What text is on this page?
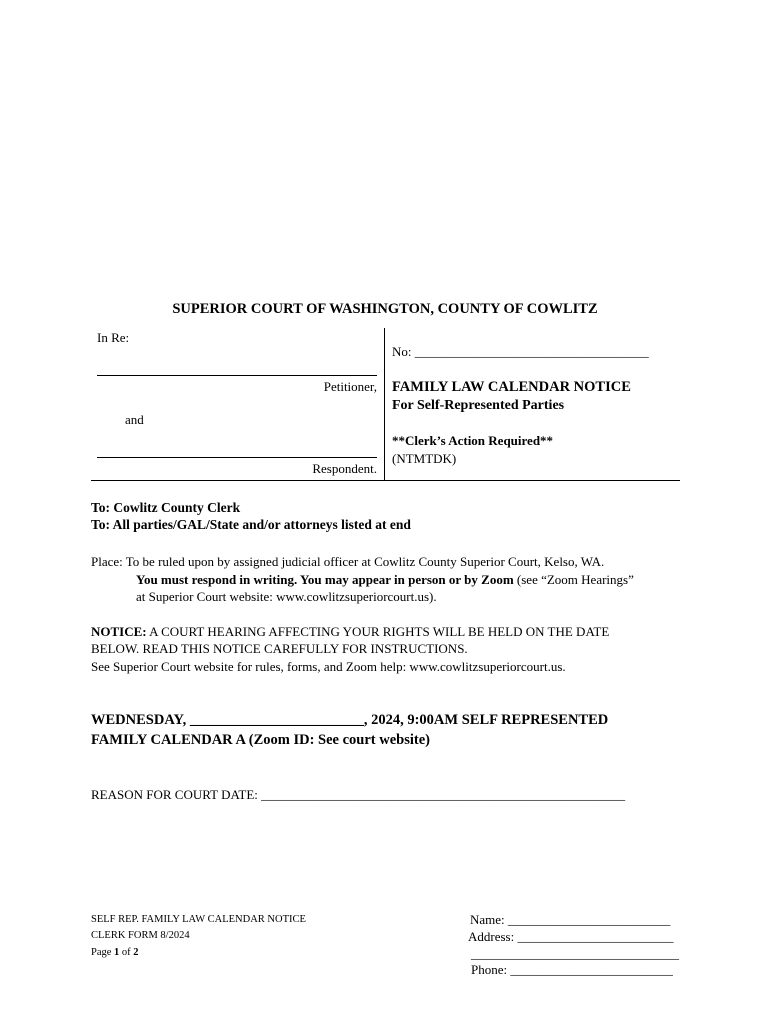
SUPERIOR COURT OF WASHINGTON, COUNTY OF COWLITZ
In Re:
Petitioner,
and
Respondent.
No: ____________________________________
FAMILY LAW CALENDAR NOTICE
For Self-Represented Parties
**Clerk’s Action Required**
(NTMTDK)
To: Cowlitz County Clerk
To: All parties/GAL/State and/or attorneys listed at end
Place: To be ruled upon by assigned judicial officer at Cowlitz County Superior Court, Kelso, WA.
You must respond in writing. You may appear in person or by Zoom (see “Zoom Hearings”
at Superior Court website: www.cowlitzsuperiorcourt.us).
NOTICE: A COURT HEARING AFFECTING YOUR RIGHTS WILL BE HELD ON THE DATE
BELOW. READ THIS NOTICE CAREFULLY FOR INSTRUCTIONS.
See Superior Court website for rules, forms, and Zoom help: www.cowlitzsuperiorcourt.us.
WEDNESDAY, ________________________, 2024, 9:00AM SELF REPRESENTED
FAMILY CALENDAR A (Zoom ID: See court website)
REASON FOR COURT DATE: ________________________________________________________
SELF REP. FAMILY LAW CALENDAR NOTICE
CLERK FORM 8/2024
Page 1 of 2
Name: _________________________
Address: ________________________
________________________________
Phone: _________________________
